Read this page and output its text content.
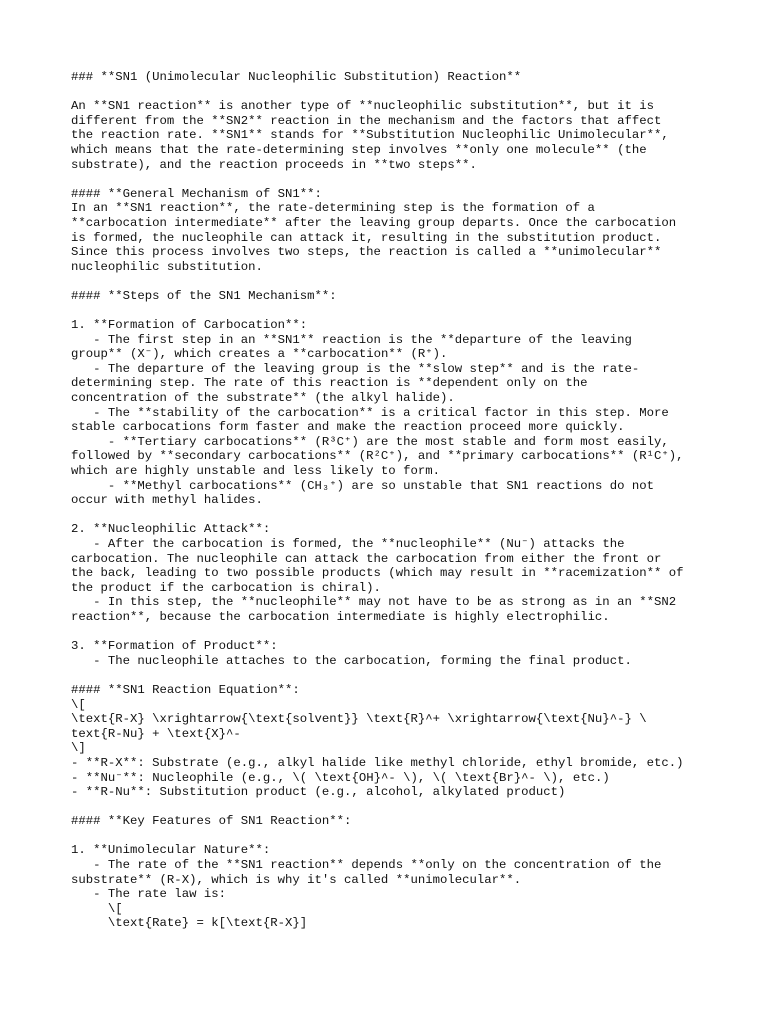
### **SN1 (Unimolecular Nucleophilic Substitution) Reaction**
An **SN1 reaction** is another type of **nucleophilic substitution**, but it is
different from the **SN2** reaction in the mechanism and the factors that affect
the reaction rate. **SN1** stands for **Substitution Nucleophilic Unimolecular**,
which means that the rate-determining step involves **only one molecule** (the
substrate), and the reaction proceeds in **two steps**.
#### **General Mechanism of SN1**:
In an **SN1 reaction**, the rate-determining step is the formation of a
**carbocation intermediate** after the leaving group departs. Once the carbocation
is formed, the nucleophile can attack it, resulting in the substitution product.
Since this process involves two steps, the reaction is called a **unimolecular**
nucleophilic substitution.
#### **Steps of the SN1 Mechanism**:
1. **Formation of Carbocation**:
- The first step in an **SN1** reaction is the **departure of the leaving
group** (X⁻), which creates a **carbocation** (R⁺).
- The departure of the leaving group is the **slow step** and is the rate-
determining step. The rate of this reaction is **dependent only on the
concentration of the substrate** (the alkyl halide).
- The **stability of the carbocation** is a critical factor in this step. More
stable carbocations form faster and make the reaction proceed more quickly.
- **Tertiary carbocations** (R³C⁺) are the most stable and form most easily,
followed by **secondary carbocations** (R²C⁺), and **primary carbocations** (R¹C⁺),
which are highly unstable and less likely to form.
- **Methyl carbocations** (CH₃⁺) are so unstable that SN1 reactions do not
occur with methyl halides.
2. **Nucleophilic Attack**:
- After the carbocation is formed, the **nucleophile** (Nu⁻) attacks the
carbocation. The nucleophile can attack the carbocation from either the front or
the back, leading to two possible products (which may result in **racemization** of
the product if the carbocation is chiral).
- In this step, the **nucleophile** may not have to be as strong as in an **SN2
reaction**, because the carbocation intermediate is highly electrophilic.
3. **Formation of Product**:
- The nucleophile attaches to the carbocation, forming the final product.
#### **SN1 Reaction Equation**:
\[
\text{R-X} \xrightarrow{\text{solvent}} \text{R}^+ \xrightarrow{\text{Nu}^-} \
text{R-Nu} + \text{X}^-
\]
- **R-X**: Substrate (e.g., alkyl halide like methyl chloride, ethyl bromide, etc.)
- **Nu⁻**: Nucleophile (e.g., \( \text{OH}^- \), \( \text{Br}^- \), etc.)
- **R-Nu**: Substitution product (e.g., alcohol, alkylated product)
#### **Key Features of SN1 Reaction**:
1. **Unimolecular Nature**:
- The rate of the **SN1 reaction** depends **only on the concentration of the
substrate** (R-X), which is why it's called **unimolecular**.
- The rate law is:
\[
\text{Rate} = k[\text{R-X}]
